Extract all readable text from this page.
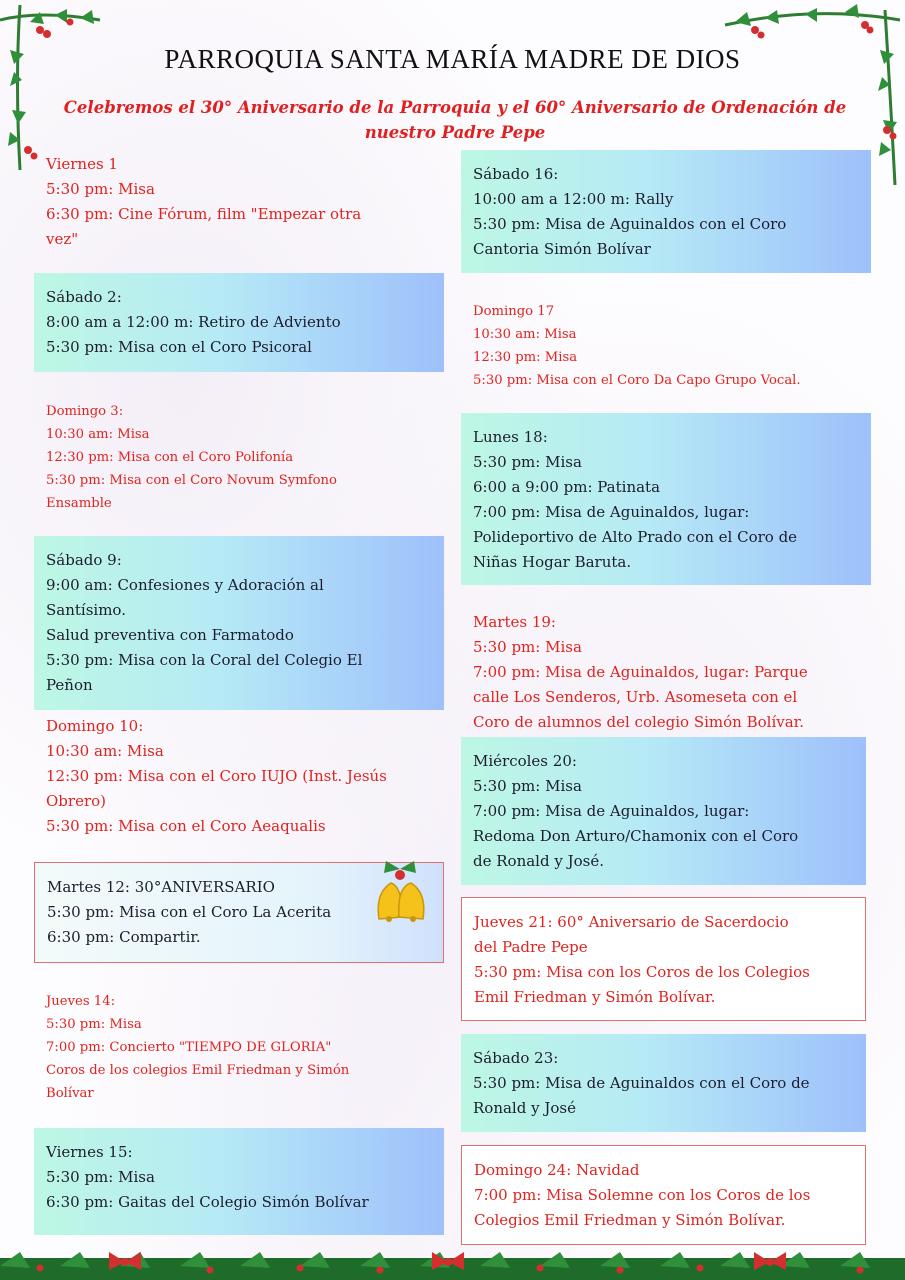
PARROQUIA SANTA MARÍA MADRE DE DIOS
Celebremos el 30° Aniversario de la Parroquia y el 60° Aniversario de Ordenación de nuestro Padre Pepe
Viernes 1
5:30 pm: Misa
6:30 pm: Cine Fórum, film "Empezar otra
vez"
Sábado 2:
8:00 am a 12:00 m: Retiro de Adviento
5:30 pm: Misa con el Coro Psicoral
Domingo 3:
10:30 am: Misa
12:30 pm: Misa con el Coro Polifonía
5:30 pm: Misa con el Coro Novum Symfono
Ensamble
Sábado 9:
9:00 am: Confesiones y Adoración al
Santísimo.
Salud preventiva con Farmatodo
5:30 pm: Misa con la Coral del Colegio El
Peñon
Domingo 10:
10:30 am: Misa
12:30 pm: Misa con el Coro IUJO (Inst. Jesús
Obrero)
5:30 pm: Misa con el Coro Aeaqualis
Martes 12: 30°ANIVERSARIO
5:30 pm: Misa con el Coro La Acerita
6:30 pm: Compartir.
Jueves 14:
5:30 pm: Misa
7:00 pm: Concierto "TIEMPO DE GLORIA"
Coros de los colegios Emil Friedman y Simón
Bolívar
Viernes 15:
5:30 pm: Misa
6:30 pm: Gaitas del Colegio Simón Bolívar
Sábado 16:
10:00 am a 12:00 m: Rally
5:30 pm: Misa de Aguinaldos con el Coro
Cantoria Simón Bolívar
Domingo 17
10:30 am: Misa
12:30 pm: Misa
5:30 pm: Misa con el Coro Da Capo Grupo Vocal.
Lunes 18:
5:30 pm: Misa
6:00 a 9:00 pm: Patinata
7:00 pm: Misa de Aguinaldos, lugar:
Polideportivo de Alto Prado con el Coro de
Niñas Hogar Baruta.
Martes 19:
5:30 pm: Misa
7:00 pm: Misa de Aguinaldos, lugar: Parque
calle Los Senderos, Urb. Asomeseta con el
Coro de alumnos del colegio Simón Bolívar.
Miércoles 20:
5:30 pm: Misa
7:00 pm: Misa de Aguinaldos, lugar:
Redoma Don Arturo/Chamonix con el Coro
de Ronald y José.
Jueves 21: 60° Aniversario de Sacerdocio
del Padre Pepe
5:30 pm: Misa con los Coros de los Colegios
Emil Friedman y Simón Bolívar.
Sábado 23:
5:30 pm: Misa de Aguinaldos con el Coro de
Ronald y José
Domingo 24: Navidad
7:00 pm: Misa Solemne con los Coros de los
Colegios Emil Friedman y Simón Bolívar.
